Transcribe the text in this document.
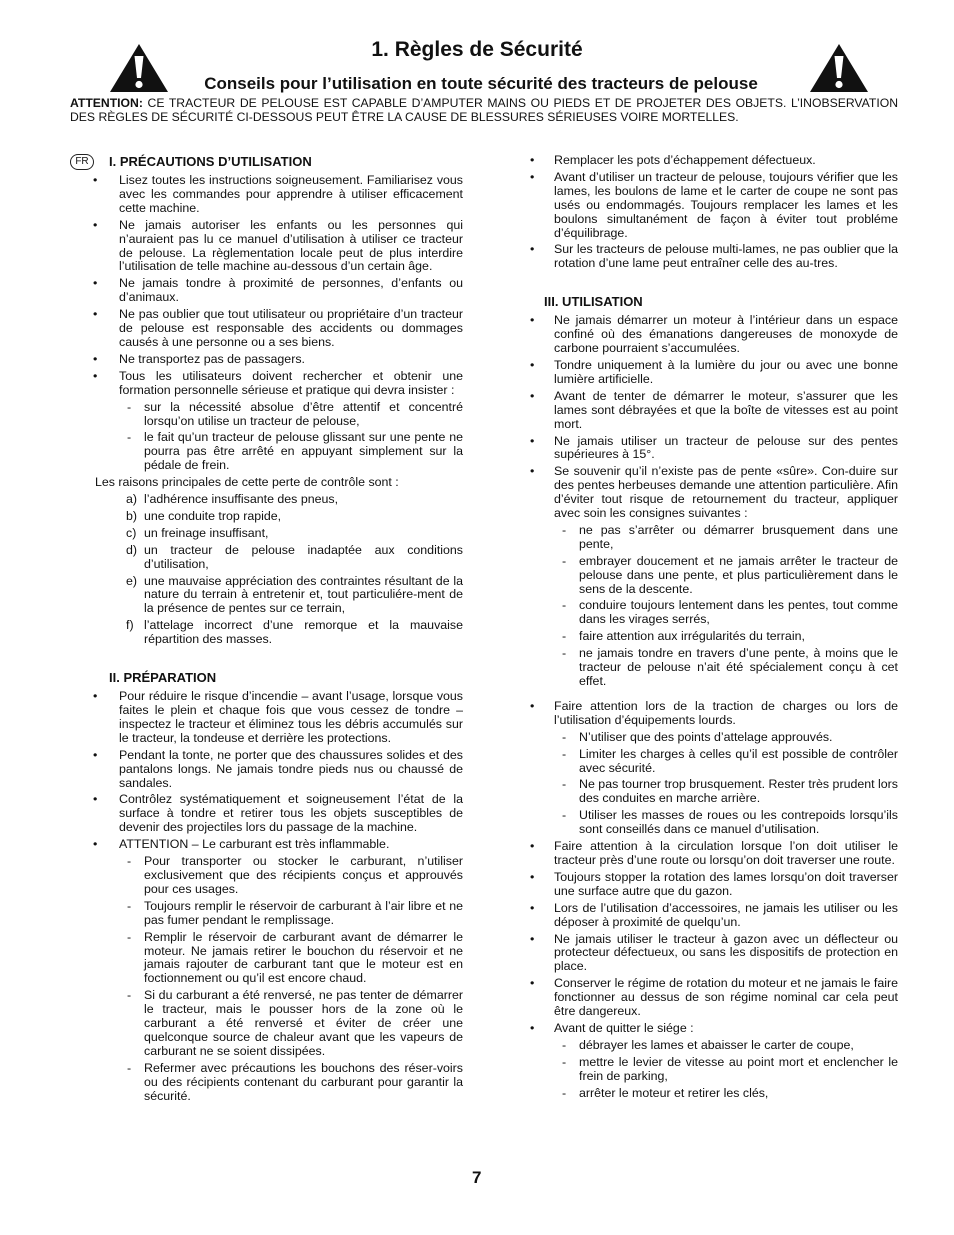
1. Règles de Sécurité
Conseils pour l’utilisation en toute sécurité des tracteurs de pelouse
ATTENTION: CE TRACTEUR DE PELOUSE EST CAPABLE D’AMPUTER MAINS OU PIEDS ET DE PROJETER DES OBJETS. L’INOBSERVATION DES RÈGLES DE SÉCURITÉ CI-DESSOUS PEUT ÊTRE LA CAUSE DE BLESSURES SÉRIEUSES VOIRE MORTELLES.
FR	I. PRÉCAUTIONS D’UTILISATION
• Lisez toutes les instructions soigneusement. Familiarisez vous avec les commandes pour apprendre à utiliser efficacement cette machine.
• Ne jamais autoriser les enfants ou les personnes qui n’auraient pas lu ce manuel d’utilisation à utiliser ce tracteur de pelouse. La règlementation locale peut de plus interdire l’utilisation de telle machine au-dessous d’un certain âge.
• Ne jamais tondre à proximité de personnes, d’enfants ou d’animaux.
• Ne pas oublier que tout utilisateur ou propriétaire d’un tracteur de pelouse est responsable des accidents ou dommages causés à une personne ou a ses biens.
• Ne transportez pas de passagers.
• Tous les utilisateurs doivent rechercher et obtenir une formation personnelle sérieuse et pratique qui devra insister :
- sur la nécessité absolue d’être attentif et concentré lorsqu’on utilise un tracteur de pelouse,
- le fait qu’un tracteur de pelouse glissant sur une pente ne pourra pas être arrêté en appuyant simplement sur la pédale de frein.
Les raisons principales de cette perte de contrôle sont :
a) l’adhérence insuffisante des pneus,
b) une conduite trop rapide,
c) un freinage insuffisant,
d) un tracteur de pelouse inadaptée aux conditions d’utilisation,
e) une mauvaise appréciation des contraintes résultant de la nature du terrain à entretenir et, tout particuliére-ment de la présence de pentes sur ce terrain,
f) l’attelage incorrect d’une remorque et la mauvaise répartition des masses.
II. PRÉPARATION
• Pour réduire le risque d’incendie – avant l’usage, lorsque vous faites le plein et chaque fois que vous cessez de tondre – inspectez le tracteur et éliminez tous les débris accumulés sur le tracteur, la tondeuse et derrière les protections.
• Pendant la tonte, ne porter que des chaussures solides et des pantalons longs. Ne jamais tondre pieds nus ou chaussé de sandales.
• Contrôlez systématiquement et soigneusement l’état de la surface à tondre et retirer tous les objets susceptibles de devenir des projectiles lors du passage de la machine.
• ATTENTION – Le carburant est très inflammable.
- Pour transporter ou stocker le carburant, n’utiliser exclusivement que des récipients conçus et approuvés pour ces usages.
- Toujours remplir le réservoir de carburant à l’air libre et ne pas fumer pendant le remplissage.
- Remplir le réservoir de carburant avant de démarrer le moteur. Ne jamais retirer le bouchon du réservoir et ne jamais rajouter de carburant tant que le moteur est en foctionnement ou qu’il est encore chaud.
- Si du carburant a été renversé, ne pas tenter de démarrer le tracteur, mais le pousser hors de la zone où le carburant a été renversé et éviter de créer une quelconque source de chaleur avant que les vapeurs de carburant ne se soient dissipées.
- Refermer avec précautions les bouchons des réser-voirs ou des récipients contenant du carburant pour garantir la sécurité.
• Remplacer les pots d’échappement défectueux.
• Avant d’utiliser un tracteur de pelouse, toujours vérifier que les lames, les boulons de lame et le carter de coupe ne sont pas usés ou endommagés. Toujours remplacer les lames et les boulons simultanément de façon à éviter tout probléme d’équilibrage.
• Sur les tracteurs de pelouse multi-lames, ne pas oublier que la rotation d’une lame peut entraîner celle des au-tres.
III. UTILISATION
• Ne jamais démarrer un moteur à l’intérieur dans un espace confiné où des émanations dangereuses de monoxyde de carbone pourraient s’accumulées.
• Tondre uniquement à la lumière du jour ou avec une bonne lumière artificielle.
• Avant de tenter de démarrer le moteur, s’assurer que les lames sont débrayées et que la boîte de vitesses est au point mort.
• Ne jamais utiliser un tracteur de pelouse sur des pentes supérieures à 15°.
• Se souvenir qu’il n’existe pas de pente «sûre». Con-duire sur des pentes herbeuses demande une attention particulière. Afin d’éviter tout risque de retournement du tracteur, appliquer avec soin les consignes suivantes :
- ne pas s’arrêter ou démarrer brusquement dans une pente,
- embrayer doucement et ne jamais arrêter le tracteur de pelouse dans une pente, et plus particulièrement dans le sens de la descente.
- conduire toujours lentement dans les pentes, tout comme dans les virages serrés,
- faire attention aux irrégularités du terrain,
- ne jamais tondre en travers d’une pente, à moins que le tracteur de pelouse n’ait été spécialement conçu à cet effet.
• Faire attention lors de la traction de charges ou lors de l’utilisation d’équipements lourds.
- N’utiliser que des points d’attelage approuvés.
- Limiter les charges à celles qu’il est possible de contrôler avec sécurité.
- Ne pas tourner trop brusquement. Rester très prudent lors des conduites en marche arrière.
- Utiliser les masses de roues ou les contrepoids lorsqu’ils sont conseillés dans ce manuel d’utilisation.
• Faire attention à la circulation lorsque l’on doit utiliser le tracteur près d’une route ou lorsqu’on doit traverser une route.
• Toujours stopper la rotation des lames lorsqu’on doit traverser une surface autre que du gazon.
• Lors de l’utilisation d’accessoires, ne jamais les utiliser ou les déposer à proximité de quelqu’un.
• Ne jamais utiliser le tracteur à gazon avec un déflecteur ou protecteur défectueux, ou sans les dispositifs de protection en place.
• Conserver le régime de rotation du moteur et ne jamais le faire fonctionner au dessus de son régime nominal car cela peut être dangereux.
• Avant de quitter le siége :
- débrayer les lames et abaisser le carter de coupe,
- mettre le levier de vitesse au point mort et enclencher le frein de parking,
- arrêter le moteur et retirer les clés,
7
